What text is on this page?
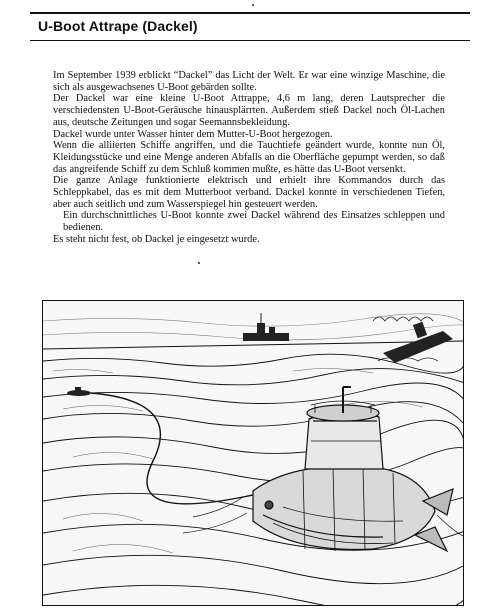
U-Boot Attrape (Dackel)

Im September 1939 erblickt “Dackel” das Licht der Welt. Er war eine winzige Maschine, die sich als ausgewachsenes U-Boot gebärden sollte.

Der Dackel war eine kleine U-Boot Attrappe, 4,6 m lang, deren Lautsprecher die verschiedensten U-Boot-Geräusche hinausplärrten. Außerdem stieß Dackel noch Öl-Lachen aus, deutsche Zeitungen und sogar Seemannsbekleidung.

Dackel wurde unter Wasser hinter dem Mutter-U-Boot hergezogen.

Wenn die alliierten Schiffe angriffen, und die Tauchtiefe geändert wurde, konnte nun Öl, Kleidungsstücke und eine Menge anderen Abfalls an die Oberfläche gepumpt werden, so daß das angreifende Schiff zu dem Schluß kommen mußte, es hätte das U-Boot versenkt.

Die ganze Anlage funktionierte elektrisch und erhielt ihre Kommandos durch das Schleppkabel, das es mit dem Mutterboot verband. Dackel konnte in verschiedenen Tiefen, aber auch seitlich und zum Wasserspiegel hin gesteuert werden.

Ein durchschnittliches U-Boot konnte zwei Dackel während des Einsatzes schleppen und bedienen.

Es steht nicht fest, ob Dackel je eingesetzt wurde.
